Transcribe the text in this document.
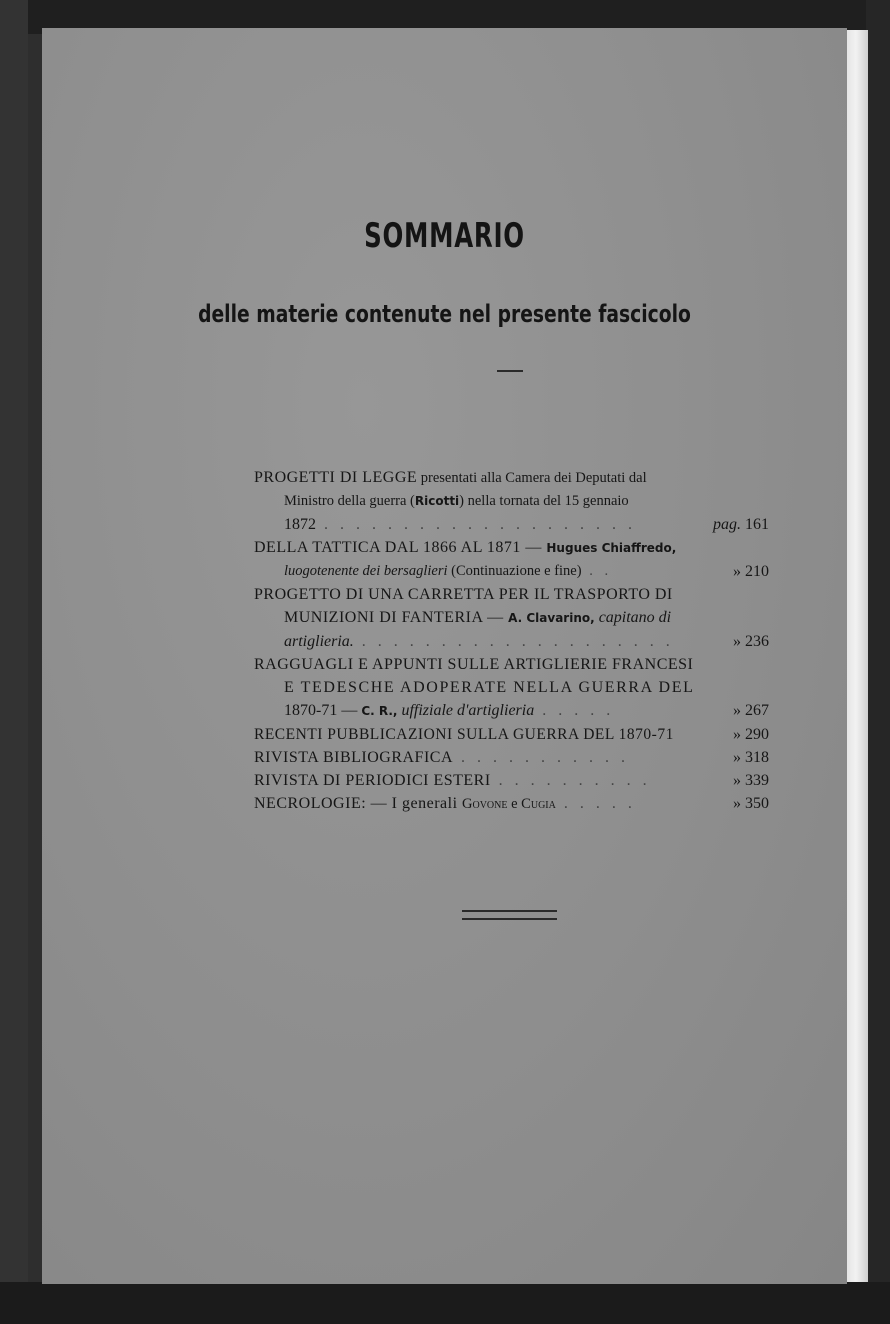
SOMMARIO
delle materie contenute nel presente fascicolo
PROGETTI DI LEGGE presentati alla Camera dei Deputati dal
Ministro della guerra (Ricotti) nella tornata del 15 gennaio
1872 . . . . . . . . . . . . . . . . . . . .	pag. 161
DELLA TATTICA DAL 1866 AL 1871 — Hugues Chiaffredo,
luogotenente dei bersaglieri (Continuazione e fine) . .	» 210
PROGETTO DI UNA CARRETTA PER IL TRASPORTO DI
MUNIZIONI DI FANTERIA — A. Clavarino, capitano di
artiglieria. . . . . . . . . . . . . . . . . . . . .	» 236
RAGGUAGLI E APPUNTI SULLE ARTIGLIERIE FRANCESI
E TEDESCHE ADOPERATE NELLA GUERRA DEL
1870-71 — C. R., uffiziale d'artiglieria . . . . .	» 267
RECENTI PUBBLICAZIONI SULLA GUERRA DEL 1870-71	» 290
RIVISTA BIBLIOGRAFICA . . . . . . . . . . .	» 318
RIVISTA DI PERIODICI ESTERI . . . . . . . . . .	» 339
NECROLOGIE: — I generali Govone e Cugia . . . . .	» 350
